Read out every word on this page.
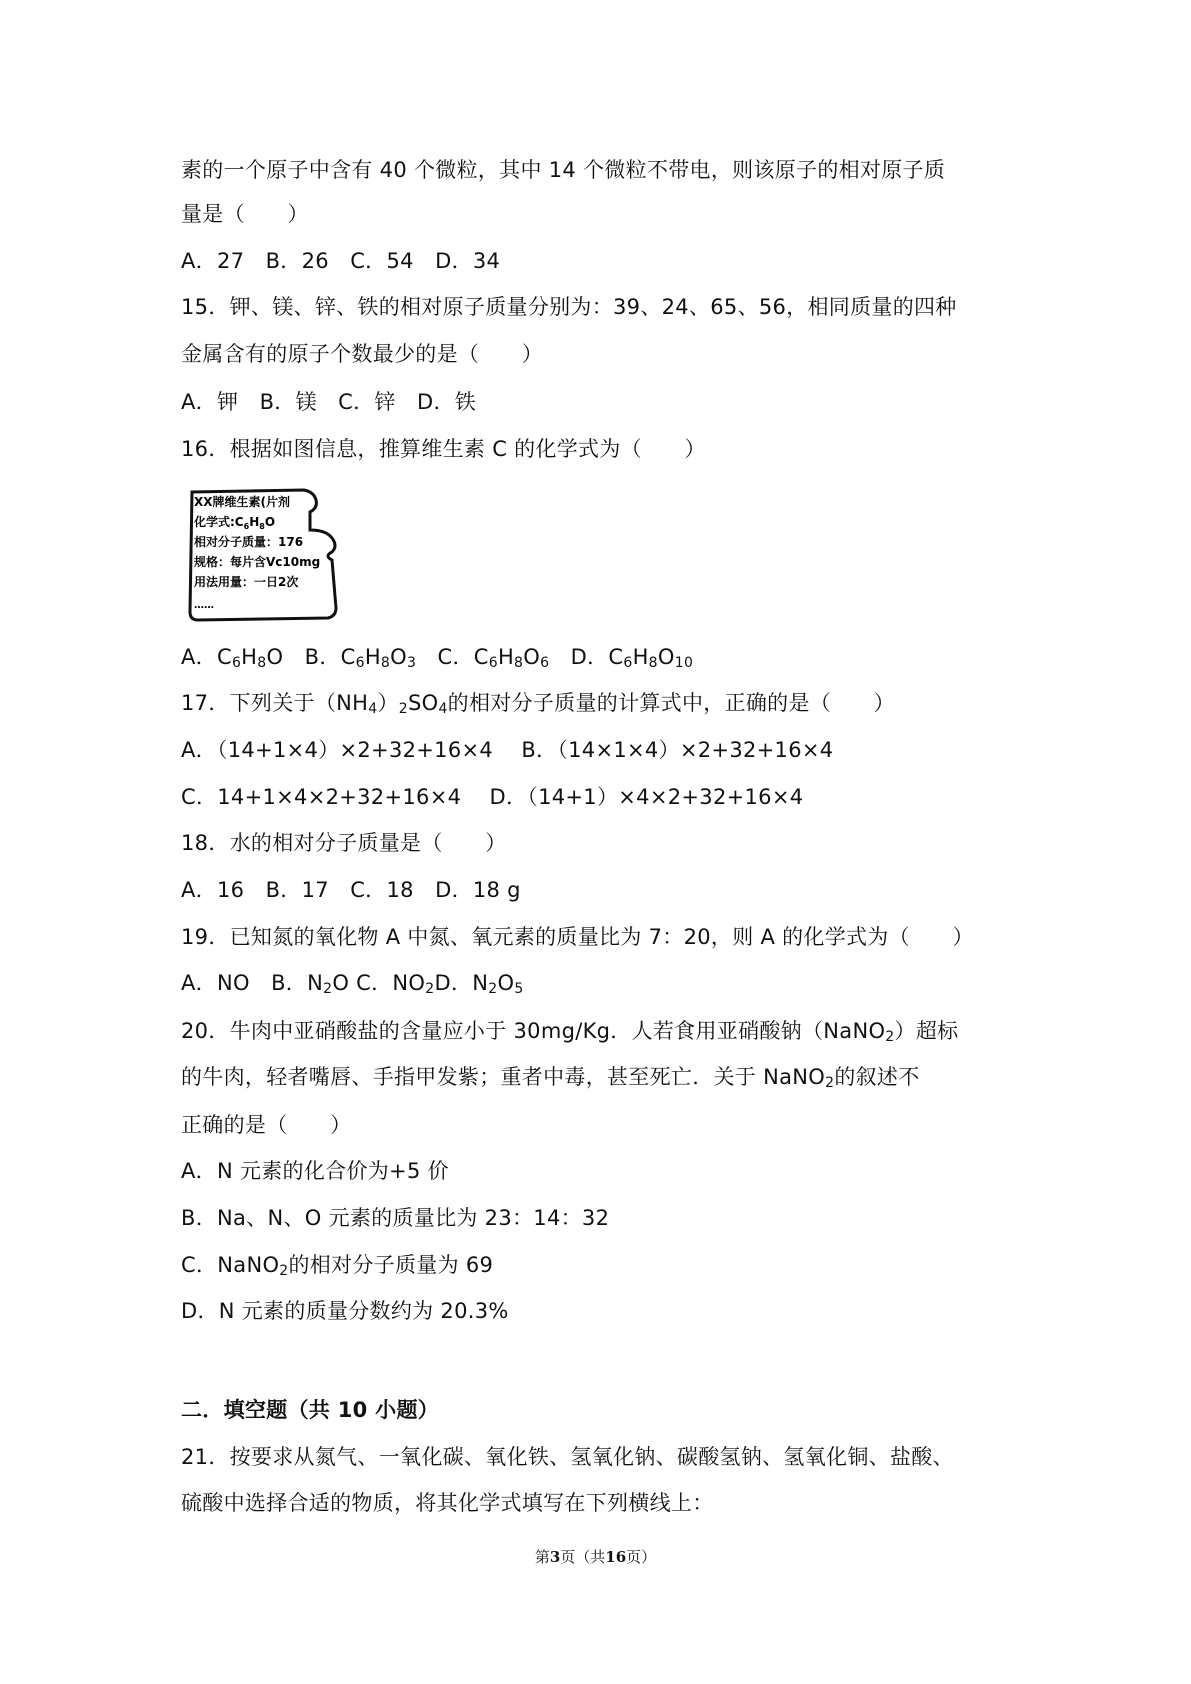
素的一个原子中含有 40 个微粒，其中 14 个微粒不带电，则该原子的相对原子质
量是（　　）
A．27　B．26　C．54　D．34
15．钾、镁、锌、铁的相对原子质量分别为：39、24、65、56，相同质量的四种
金属含有的原子个数最少的是（　　）
A．钾　B．镁　C．锌　D．铁
16．根据如图信息，推算维生素 C 的化学式为（　　）
XX牌维生素(片剂
化学式$:C_6H_8O$
相对分子质量：176
规格：每片含Vc10mg
用法用量：一日2次
……
A．$C_6H_8O$　B．$C_6H_8O_3$　C．$C_6H_8O_6$　D．$C_6H_8O_{10}$
17．下列关于$(NH_4)_2SO_4$的相对分子质量的计算式中，正确的是（　　）
A．（14+1×4）×2+32+16×4　 B．（14×1×4）×2+32+16×4
C．14+1×4×2+32+16×4　 D．（14+1）×4×2+32+16×4
18．水的相对分子质量是（　　）
A．16　B．17　C．18　D．18 g
19．已知氮的氧化物 A 中氮、氧元素的质量比为 7：20，则 A 的化学式为（　　）
A．NO　B．$N_2O$ C．$NO_2D$．$N_2O_5$
20．牛肉中亚硝酸盐的含量应小于 30mg/Kg．人若食用亚硝酸钠（NaNO$_2$）超标
的牛肉，轻者嘴唇、手指甲发紫；重者中毒，甚至死亡．关于 NaNO$_2$的叙述不
正确的是（　　）
A．N 元素的化合价为+5 价
B．Na、N、O 元素的质量比为 23：14：32
C．NaNO$_2$的相对分子质量为 69
D．N 元素的质量分数约为 20.3%
二．填空题（共 10 小题）
21．按要求从氮气、一氧化碳、氧化铁、氢氧化钠、碳酸氢钠、氢氧化铜、盐酸、
硫酸中选择合适的物质，将其化学式填写在下列横线上：
第3页（共16页）
